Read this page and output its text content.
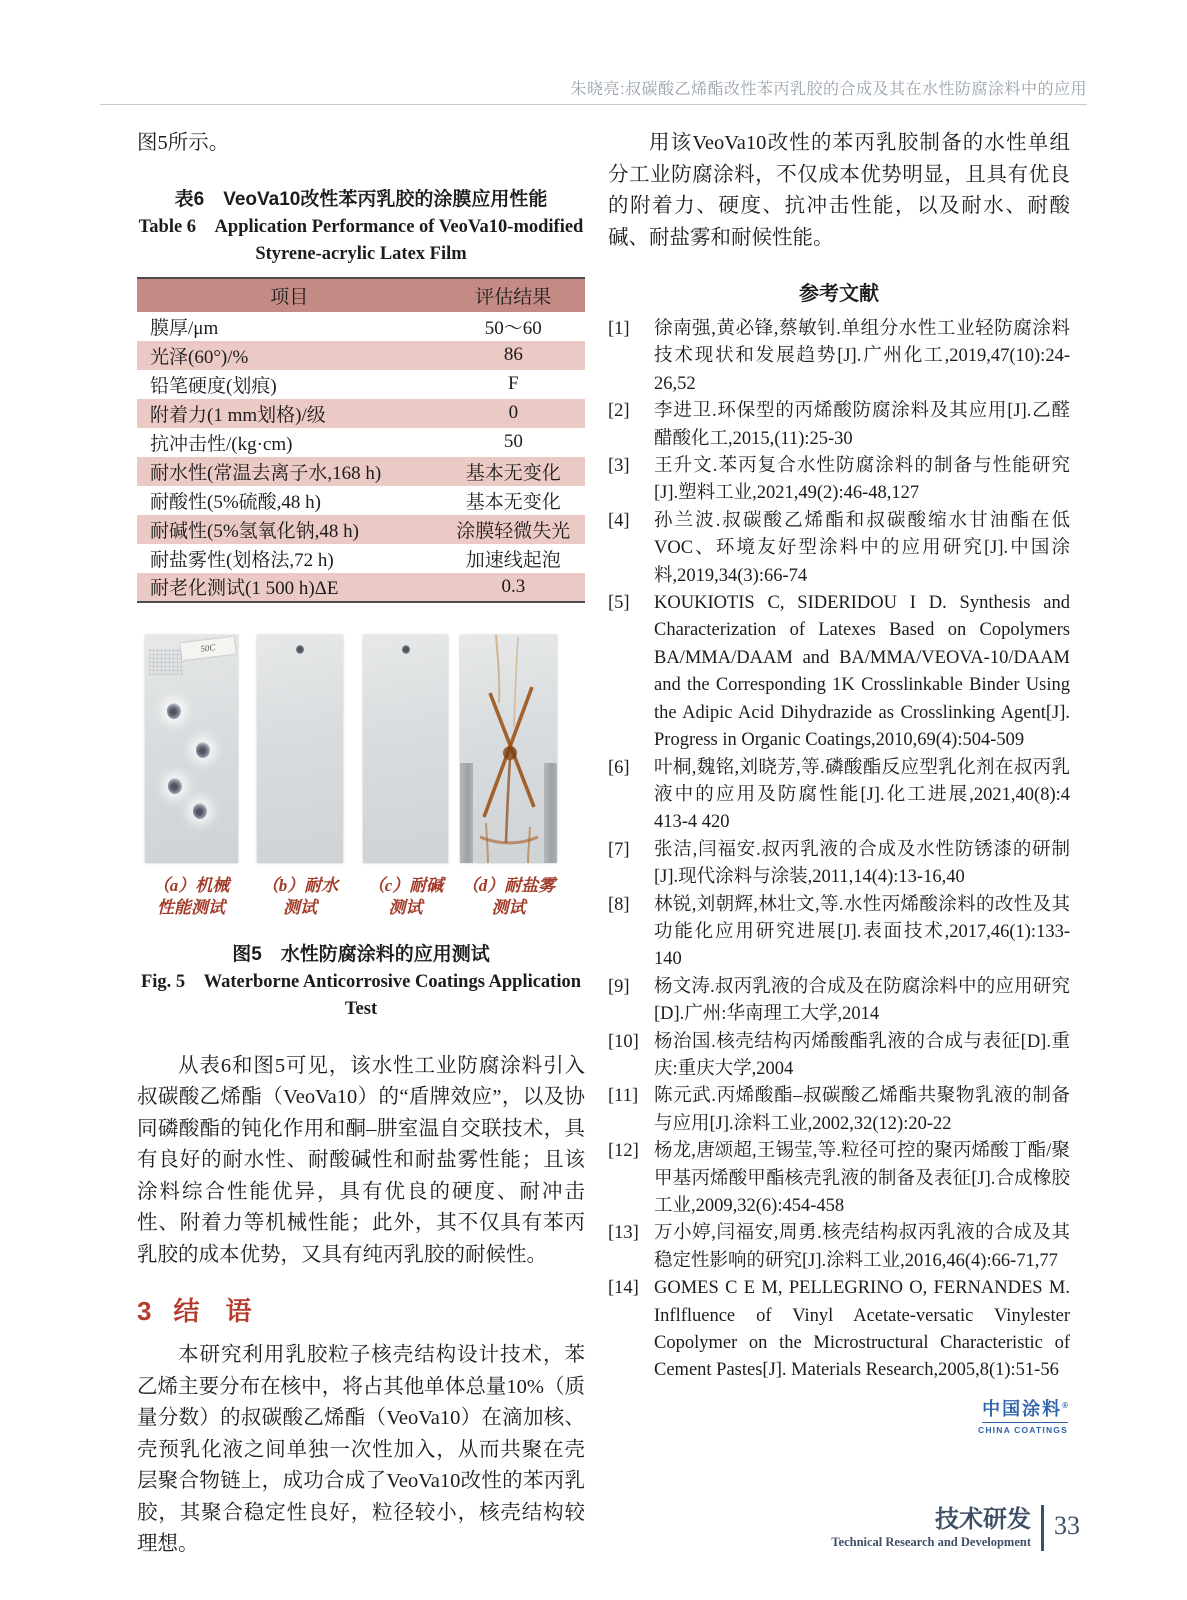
朱晓亮:叔碳酸乙烯酯改性苯丙乳胶的合成及其在水性防腐涂料中的应用

图5所示。

表6　VeoVa10改性苯丙乳胶的涂膜应用性能
Table 6　Application Performance of VeoVa10-modified
Styrene-acrylic Latex Film
项目	评估结果
膜厚/μm	50～60
光泽(60°)/%	86
铅笔硬度(划痕)	F
附着力(1 mm划格)/级	0
抗冲击性/(kg·cm)	50
耐水性(常温去离子水,168 h)	基本无变化
耐酸性(5%硫酸,48 h)	基本无变化
耐碱性(5%氢氧化钠,48 h)	涂膜轻微失光
耐盐雾性(划格法,72 h)	加速线起泡
耐老化测试(1 500 h)ΔE	0.3
50C
（a）机械
性能测试
（b）耐水
测试
（c）耐碱
测试
（d）耐盐雾
测试
图5　水性防腐涂料的应用测试
Fig. 5　Waterborne Anticorrosive Coatings Application
Test

从表6和图5可见，该水性工业防腐涂料引入叔碳酸乙烯酯（VeoVa10）的“盾牌效应”，以及协同磷酸酯的钝化作用和酮–肼室温自交联技术，具有良好的耐水性、耐酸碱性和耐盐雾性能；且该涂料综合性能优异，具有优良的硬度、耐冲击性、附着力等机械性能；此外，其不仅具有苯丙乳胶的成本优势，又具有纯丙乳胶的耐候性。

3 结　语

本研究利用乳胶粒子核壳结构设计技术，苯乙烯主要分布在核中，将占其他单体总量10%（质量分数）的叔碳酸乙烯酯（VeoVa10）在滴加核、壳预乳化液之间单独一次性加入，从而共聚在壳层聚合物链上，成功合成了VeoVa10改性的苯丙乳胶，其聚合稳定性良好，粒径较小，核壳结构较理想。

用该VeoVa10改性的苯丙乳胶制备的水性单组分工业防腐涂料，不仅成本优势明显，且具有优良的附着力、硬度、抗冲击性能，以及耐水、耐酸碱、耐盐雾和耐候性能。

参考文献
[1]	徐南强,黄必锋,蔡敏钊.单组分水性工业轻防腐涂料技术现状和发展趋势[J].广州化工,2019,47(10):24-26,52
[2]	李进卫.环保型的丙烯酸防腐涂料及其应用[J].乙醛醋酸化工,2015,(11):25-30
[3]	王升文.苯丙复合水性防腐涂料的制备与性能研究[J].塑料工业,2021,49(2):46-48,127
[4]	孙兰波.叔碳酸乙烯酯和叔碳酸缩水甘油酯在低VOC、环境友好型涂料中的应用研究[J].中国涂料,2019,34(3):66-74
[5]	KOUKIOTIS C, SIDERIDOU I D. Synthesis and Characterization of Latexes Based on Copolymers BA/MMA/DAAM and BA/MMA/VEOVA-10/DAAM and the Corresponding 1K Crosslinkable Binder Using the Adipic Acid Dihydrazide as Crosslinking Agent[J]. Progress in Organic Coatings,2010,69(4):504-509
[6]	叶桐,魏铭,刘晓芳,等.磷酸酯反应型乳化剂在叔丙乳液中的应用及防腐性能[J].化工进展,2021,40(8):4 413-4 420
[7]	张洁,闫福安.叔丙乳液的合成及水性防锈漆的研制[J].现代涂料与涂装,2011,14(4):13-16,40
[8]	林锐,刘朝辉,林壮文,等.水性丙烯酸涂料的改性及其功能化应用研究进展[J].表面技术,2017,46(1):133-140
[9]	杨文涛.叔丙乳液的合成及在防腐涂料中的应用研究[D].广州:华南理工大学,2014
[10] 杨治国.核壳结构丙烯酸酯乳液的合成与表征[D].重庆:重庆大学,2004
[11] 陈元武.丙烯酸酯–叔碳酸乙烯酯共聚物乳液的制备与应用[J].涂料工业,2002,32(12):20-22
[12] 杨龙,唐颂超,王锡莹,等.粒径可控的聚丙烯酸丁酯/聚甲基丙烯酸甲酯核壳乳液的制备及表征[J].合成橡胶工业,2009,32(6):454-458
[13] 万小婷,闫福安,周勇.核壳结构叔丙乳液的合成及其稳定性影响的研究[J].涂料工业,2016,46(4):66-71,77
[14] GOMES C E M, PELLEGRINO O, FERNANDES M. Inflfluence of Vinyl Acetate-versatic Vinylester Copolymer on the Microstructural Characteristic of Cement Pastes[J]. Materials Research,2005,8(1):51-56
中国涂料®
CHINA COATINGS
技术研发
Technical Research and Development
33
